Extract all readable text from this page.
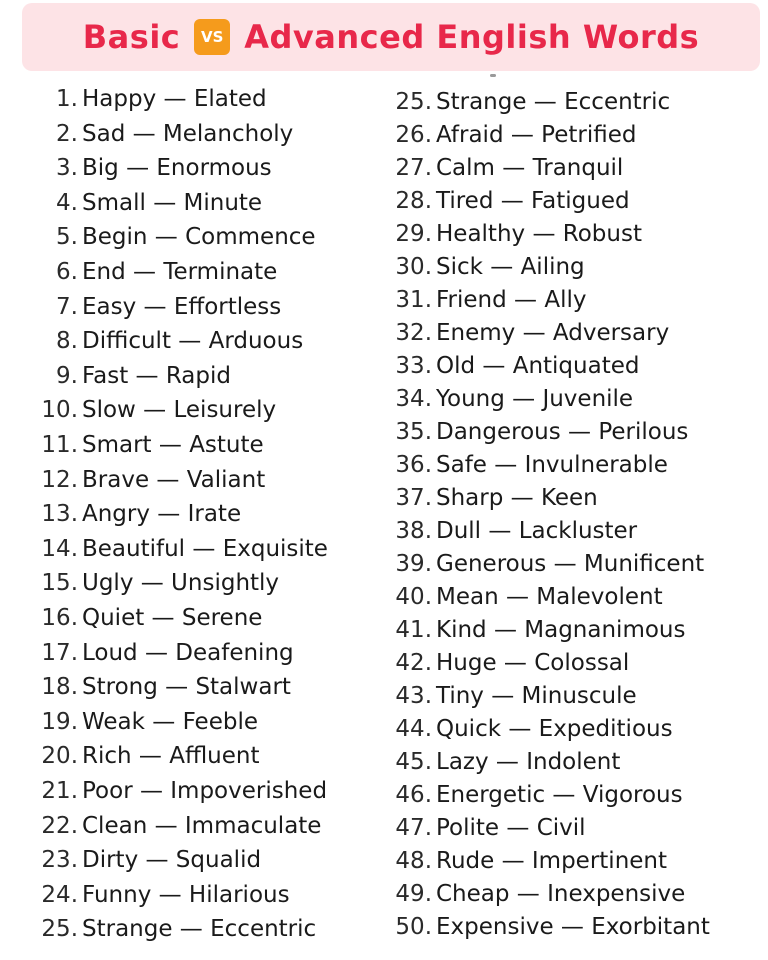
Basic	VS Advanced English Words
1. Happy — Elated
2. Sad — Melancholy
3. Big — Enormous
4. Small — Minute
5. Begin — Commence
6. End — Terminate
7. Easy — Effortless
8. Difficult — Arduous
9. Fast — Rapid
10. Slow — Leisurely
11. Smart — Astute
12. Brave — Valiant
13. Angry — Irate
14. Beautiful — Exquisite
15. Ugly — Unsightly
16. Quiet — Serene
17. Loud — Deafening
18. Strong — Stalwart
19. Weak — Feeble
20. Rich — Affluent
21. Poor — Impoverished
22. Clean — Immaculate
23. Dirty — Squalid
24. Funny — Hilarious
25. Strange — Eccentric
25. Strange — Eccentric
26. Afraid — Petrified
27. Calm — Tranquil
28. Tired — Fatigued
29. Healthy — Robust
30. Sick — Ailing
31. Friend — Ally
32. Enemy — Adversary
33. Old — Antiquated
34. Young — Juvenile
35. Dangerous — Perilous
36. Safe — Invulnerable
37. Sharp — Keen
38. Dull — Lackluster
39. Generous — Munificent
40. Mean — Malevolent
41. Kind — Magnanimous
42. Huge — Colossal
43. Tiny — Minuscule
44. Quick — Expeditious
45. Lazy — Indolent
46. Energetic — Vigorous
47. Polite — Civil
48. Rude — Impertinent
49. Cheap — Inexpensive
50. Expensive — Exorbitant
